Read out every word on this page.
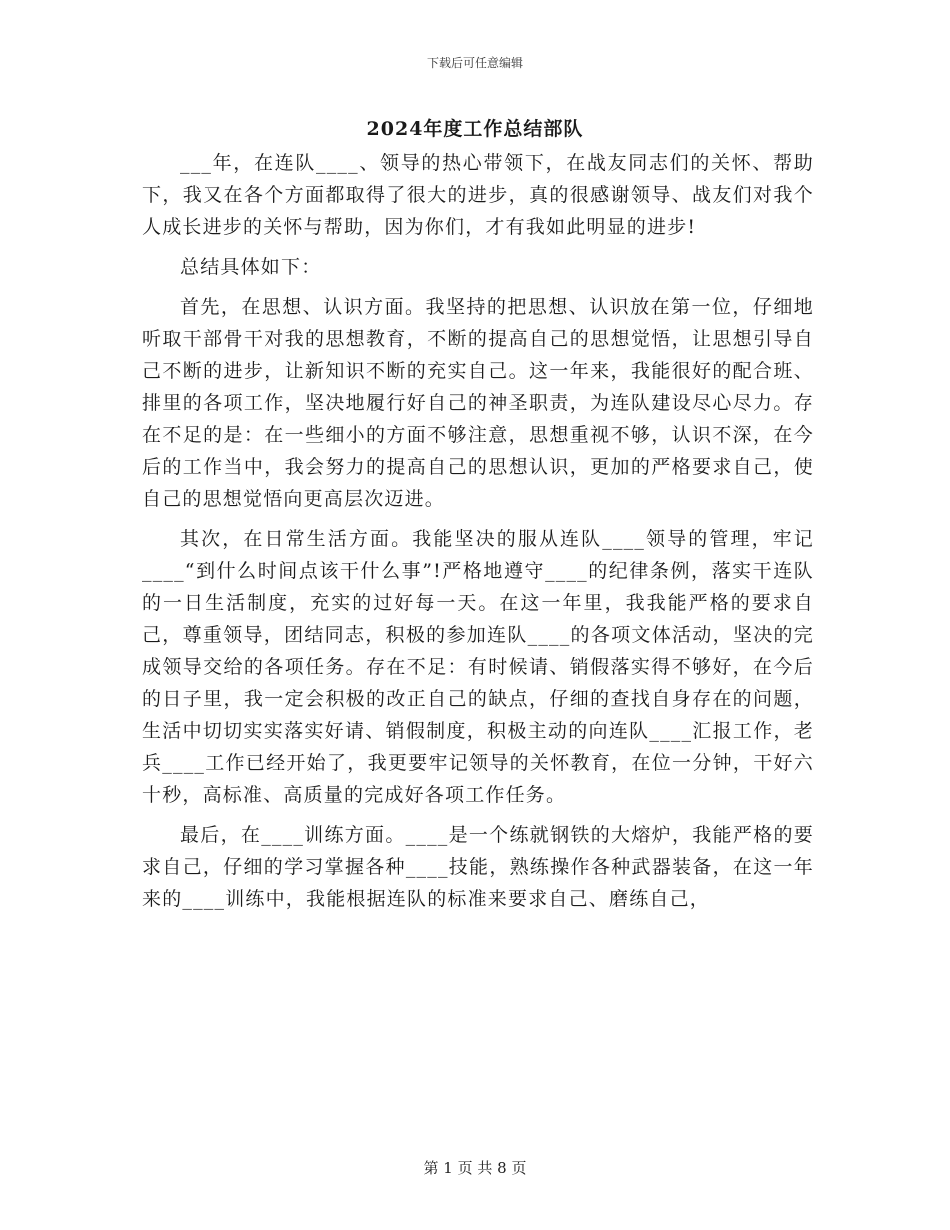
下载后可任意编辑
2024年度工作总结部队

___年，在连队____、领导的热心带领下，在战友同志们的关怀、帮助下，我又在各个方面都取得了很大的进步，真的很感谢领导、战友们对我个人成长进步的关怀与帮助，因为你们，才有我如此明显的进步!

总结具体如下：

首先，在思想、认识方面。我坚持的把思想、认识放在第一位，仔细地听取干部骨干对我的思想教育，不断的提高自己的思想觉悟，让思想引导自己不断的进步，让新知识不断的充实自己。这一年来，我能很好的配合班、排里的各项工作，坚决地履行好自己的神圣职责，为连队建设尽心尽力。存在不足的是：在一些细小的方面不够注意，思想重视不够，认识不深，在今后的工作当中，我会努力的提高自己的思想认识，更加的严格要求自己，使自己的思想觉悟向更高层次迈进。

其次，在日常生活方面。我能坚决的服从连队____领导的管理，牢记____“到什么时间点该干什么事”!严格地遵守____的纪律条例，落实干连队的一日生活制度，充实的过好每一天。在这一年里，我我能严格的要求自己，尊重领导，团结同志，积极的参加连队____的各项文体活动，坚决的完成领导交给的各项任务。存在不足：有时候请、销假落实得不够好，在今后的日子里，我一定会积极的改正自己的缺点，仔细的查找自身存在的问题，生活中切切实实落实好请、销假制度，积极主动的向连队____汇报工作，老兵____工作已经开始了，我更要牢记领导的关怀教育，在位一分钟，干好六十秒，高标准、高质量的完成好各项工作任务。

最后，在____训练方面。____是一个练就钢铁的大熔炉，我能严格的要求自己，仔细的学习掌握各种____技能，熟练操作各种武器装备，在这一年来的____训练中，我能根据连队的标准来要求自己、磨练自己，

第 1 页 共 8 页
